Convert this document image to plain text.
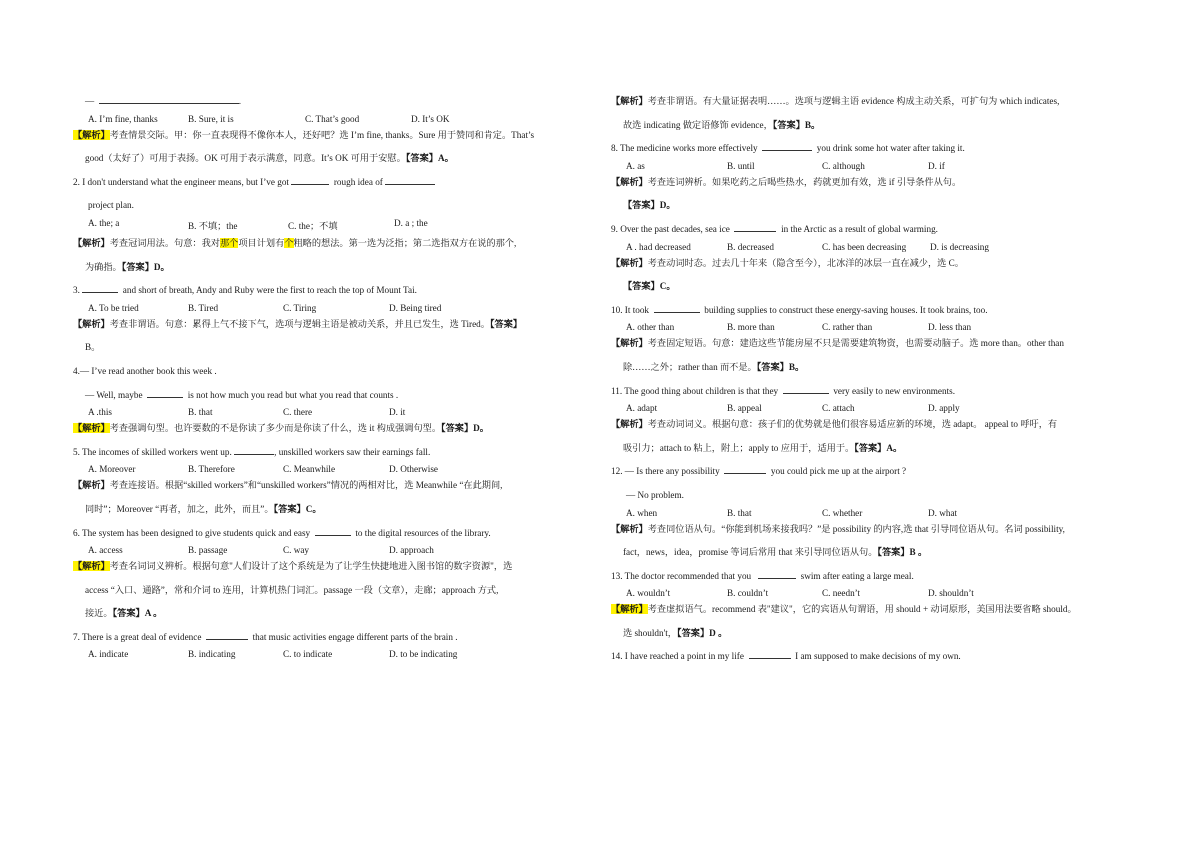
—	.
A. I’m fine, thanks	B. Sure, it is	C. That’s good	D. It’s OK
【解析】考查情景交际。甲：你一直表现得不像你本人，还好吧？选 I’m fine, thanks。Sure 用于赞同和肯定。That’s
good（太好了）可用于表扬。OK 可用于表示满意，同意。It’s OK 可用于安慰。【答案】A。
2. I don't understand what the engineer means, but I’ve got	rough idea of
project plan.
A. the; a	B. 不填；the	C. the；不填	D. a ; the
【解析】考查冠词用法。句意：我对那个项目计划有个粗略的想法。第一选为泛指；第二选指双方在说的那个,
为确指。【答案】D。
3.	and short of breath, Andy and Ruby were the first to reach the top of Mount Tai.
A. To be tried	B. Tired	C. Tiring	D. Being tired
【解析】考查非谓语。句意：累得上气不接下气，选项与逻辑主语是被动关系，并且已发生，选 Tired。【答案】
B。
4.— I’ve read another book this week .
— Well, maybe	is not how much you read but what you read that counts .
A .this	B. that	C. there	D. it
【解析】考查强调句型。也许要数的不是你读了多少而是你读了什么，选 it 构成强调句型。【答案】D。
5. The incomes of skilled workers went up.	, unskilled workers saw their earnings fall.
A. Moreover	B. Therefore	C. Meanwhile	D. Otherwise
【解析】考查连接语。根据“skilled workers”和“unskilled workers”情况的两相对比，选 Meanwhile “在此期间,
同时”；Moreover “再者，加之，此外，而且”。【答案】C。
6. The system has been designed to give students quick and easy	to the digital resources of the library.
A. access	B. passage	C. way	D. approach
【解析】考查名词词义辨析。根据句意"人们设计了这个系统是为了让学生快捷地进入图书馆的数字资源"，选
access “入口、通路”，常和介词 to 连用，计算机热门词汇。passage 一段（文章），走廊；approach 方式,
接近。【答案】A 。
7. There is a great deal of evidence	that music activities engage different parts of the brain .
A. indicate	B. indicating	C. to indicate	D. to be indicating
【解析】考查非谓语。有大量证据表明……。选项与逻辑主语 evidence 构成主动关系，可扩句为 which indicates,
故选 indicating 做定语修饰 evidence，【答案】B。
8. The medicine works more effectively	you drink some hot water after taking it.
A. as	B. until	C. although	D. if
【解析】考查连词辨析。如果吃药之后喝些热水，药就更加有效，选 if 引导条件从句。
【答案】D。
9. Over the past decades, sea ice	in the Arctic as a result of global warming.
A . had decreased	B. decreased	C. has been decreasing	D. is decreasing
【解析】考查动词时态。过去几十年来（隐含至今），北冰洋的冰层一直在减少，选 C。
【答案】C。
10. It took	building supplies to construct these energy-saving houses. It took brains, too.
A. other than	B. more than	C. rather than	D. less than
【解析】考查固定短语。句意：建造这些节能房屋不只是需要建筑物资，也需要动脑子。选 more than。other than
除……之外；rather than 而不是。【答案】B。
11. The good thing about children is that they	very easily to new environments.
A. adapt	B. appeal	C. attach	D. apply
【解析】考查动词词义。根据句意：孩子们的优势就是他们很容易适应新的环境，选 adapt。 appeal to 呼吁，有
吸引力；attach to 粘上，附上；apply to 应用于，适用于。【答案】A。
12. — Is there any possibility	you could pick me up at the airport ?
— No problem.
A. when	B. that	C. whether	D. what
【解析】考查同位语从句。“你能到机场来接我吗？”是 possibility 的内容,选 that 引导同位语从句。名词 possibility,
fact，news，idea，promise 等词后常用 that 来引导同位语从句。【答案】B 。
13. The doctor recommended that you	swim after eating a large meal.
A. wouldn’t	B. couldn’t	C. needn’t	D. shouldn’t
【解析】考查虚拟语气。recommend 表"建议"，它的宾语从句谓语，用 should + 动词原形，美国用法要省略 should。
选 shouldn't，【答案】D 。
14. I have reached a point in my life	I am supposed to make decisions of my own.
